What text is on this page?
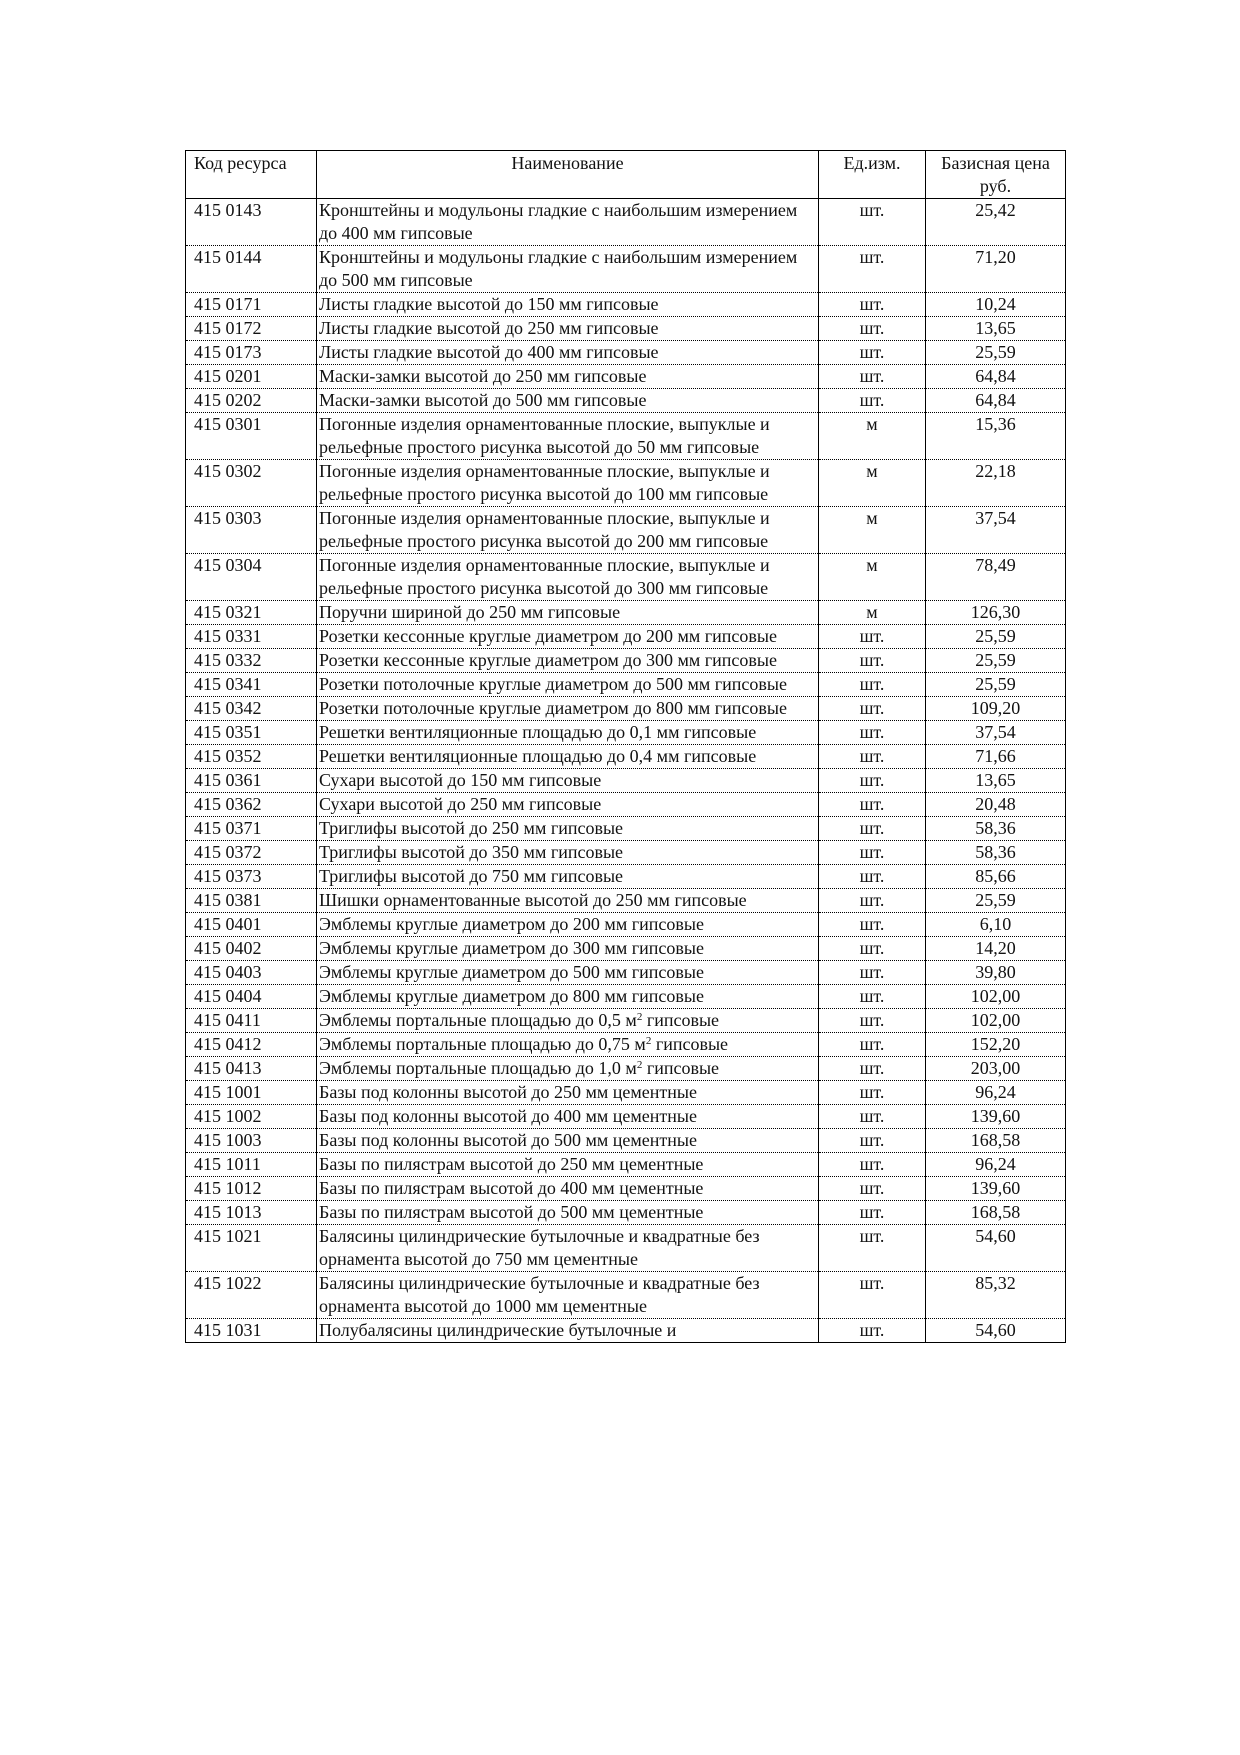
Код ресурса	Наименование	Ед.изм.	Базисная цена руб.
415 0143	Кронштейны и модульоны гладкие с наибольшим измерением до 400 мм гипсовые	шт.	25,42
415 0144	Кронштейны и модульоны гладкие с наибольшим измерением до 500 мм гипсовые	шт.	71,20
415 0171	Листы гладкие высотой до 150 мм гипсовые	шт.	10,24
415 0172	Листы гладкие высотой до 250 мм гипсовые	шт.	13,65
415 0173	Листы гладкие высотой до 400 мм гипсовые	шт.	25,59
415 0201	Маски-замки высотой до 250 мм гипсовые	шт.	64,84
415 0202	Маски-замки высотой до 500 мм гипсовые	шт.	64,84
415 0301	Погонные изделия орнаментованные плоские, выпуклые и рельефные простого рисунка высотой до 50 мм гипсовые	м	15,36
415 0302	Погонные изделия орнаментованные плоские, выпуклые и рельефные простого рисунка высотой до 100 мм гипсовые	м	22,18
415 0303	Погонные изделия орнаментованные плоские, выпуклые и рельефные простого рисунка высотой до 200 мм гипсовые	м	37,54
415 0304	Погонные изделия орнаментованные плоские, выпуклые и рельефные простого рисунка высотой до 300 мм гипсовые	м	78,49
415 0321	Поручни шириной до 250 мм гипсовые	м	126,30
415 0331	Розетки кессонные круглые диаметром до 200 мм гипсовые	шт.	25,59
415 0332	Розетки кессонные круглые диаметром до 300 мм гипсовые	шт.	25,59
415 0341	Розетки потолочные круглые диаметром до 500 мм гипсовые	шт.	25,59
415 0342	Розетки потолочные круглые диаметром до 800 мм гипсовые	шт.	109,20
415 0351	Решетки вентиляционные площадью до 0,1 мм гипсовые	шт.	37,54
415 0352	Решетки вентиляционные площадью до 0,4 мм гипсовые	шт.	71,66
415 0361	Сухари высотой до 150 мм гипсовые	шт.	13,65
415 0362	Сухари высотой до 250 мм гипсовые	шт.	20,48
415 0371	Триглифы высотой до 250 мм гипсовые	шт.	58,36
415 0372	Триглифы высотой до 350 мм гипсовые	шт.	58,36
415 0373	Триглифы высотой до 750 мм гипсовые	шт.	85,66
415 0381	Шишки орнаментованные высотой до 250 мм гипсовые	шт.	25,59
415 0401	Эмблемы круглые диаметром до 200 мм гипсовые	шт.	6,10
415 0402	Эмблемы круглые диаметром до 300 мм гипсовые	шт.	14,20
415 0403	Эмблемы круглые диаметром до 500 мм гипсовые	шт.	39,80
415 0404	Эмблемы круглые диаметром до 800 мм гипсовые	шт.	102,00
415 0411	Эмблемы портальные площадью до 0,5 $м^2$ гипсовые	шт.	102,00
415 0412	Эмблемы портальные площадью до 0,75 $м^2$ гипсовые	шт.	152,20
415 0413	Эмблемы портальные площадью до 1,0 $м^2$ гипсовые	шт.	203,00
415 1001	Базы под колонны высотой до 250 мм цементные	шт.	96,24
415 1002	Базы под колонны высотой до 400 мм цементные	шт.	139,60
415 1003	Базы под колонны высотой до 500 мм цементные	шт.	168,58
415 1011	Базы по пилястрам высотой до 250 мм цементные	шт.	96,24
415 1012	Базы по пилястрам высотой до 400 мм цементные	шт.	139,60
415 1013	Базы по пилястрам высотой до 500 мм цементные	шт.	168,58
415 1021	Балясины цилиндрические бутылочные и квадратные без орнамента высотой до 750 мм цементные	шт.	54,60
415 1022	Балясины цилиндрические бутылочные и квадратные без орнамента высотой до 1000 мм цементные	шт.	85,32
415 1031	Полубалясины цилиндрические бутылочные и	шт.	54,60
